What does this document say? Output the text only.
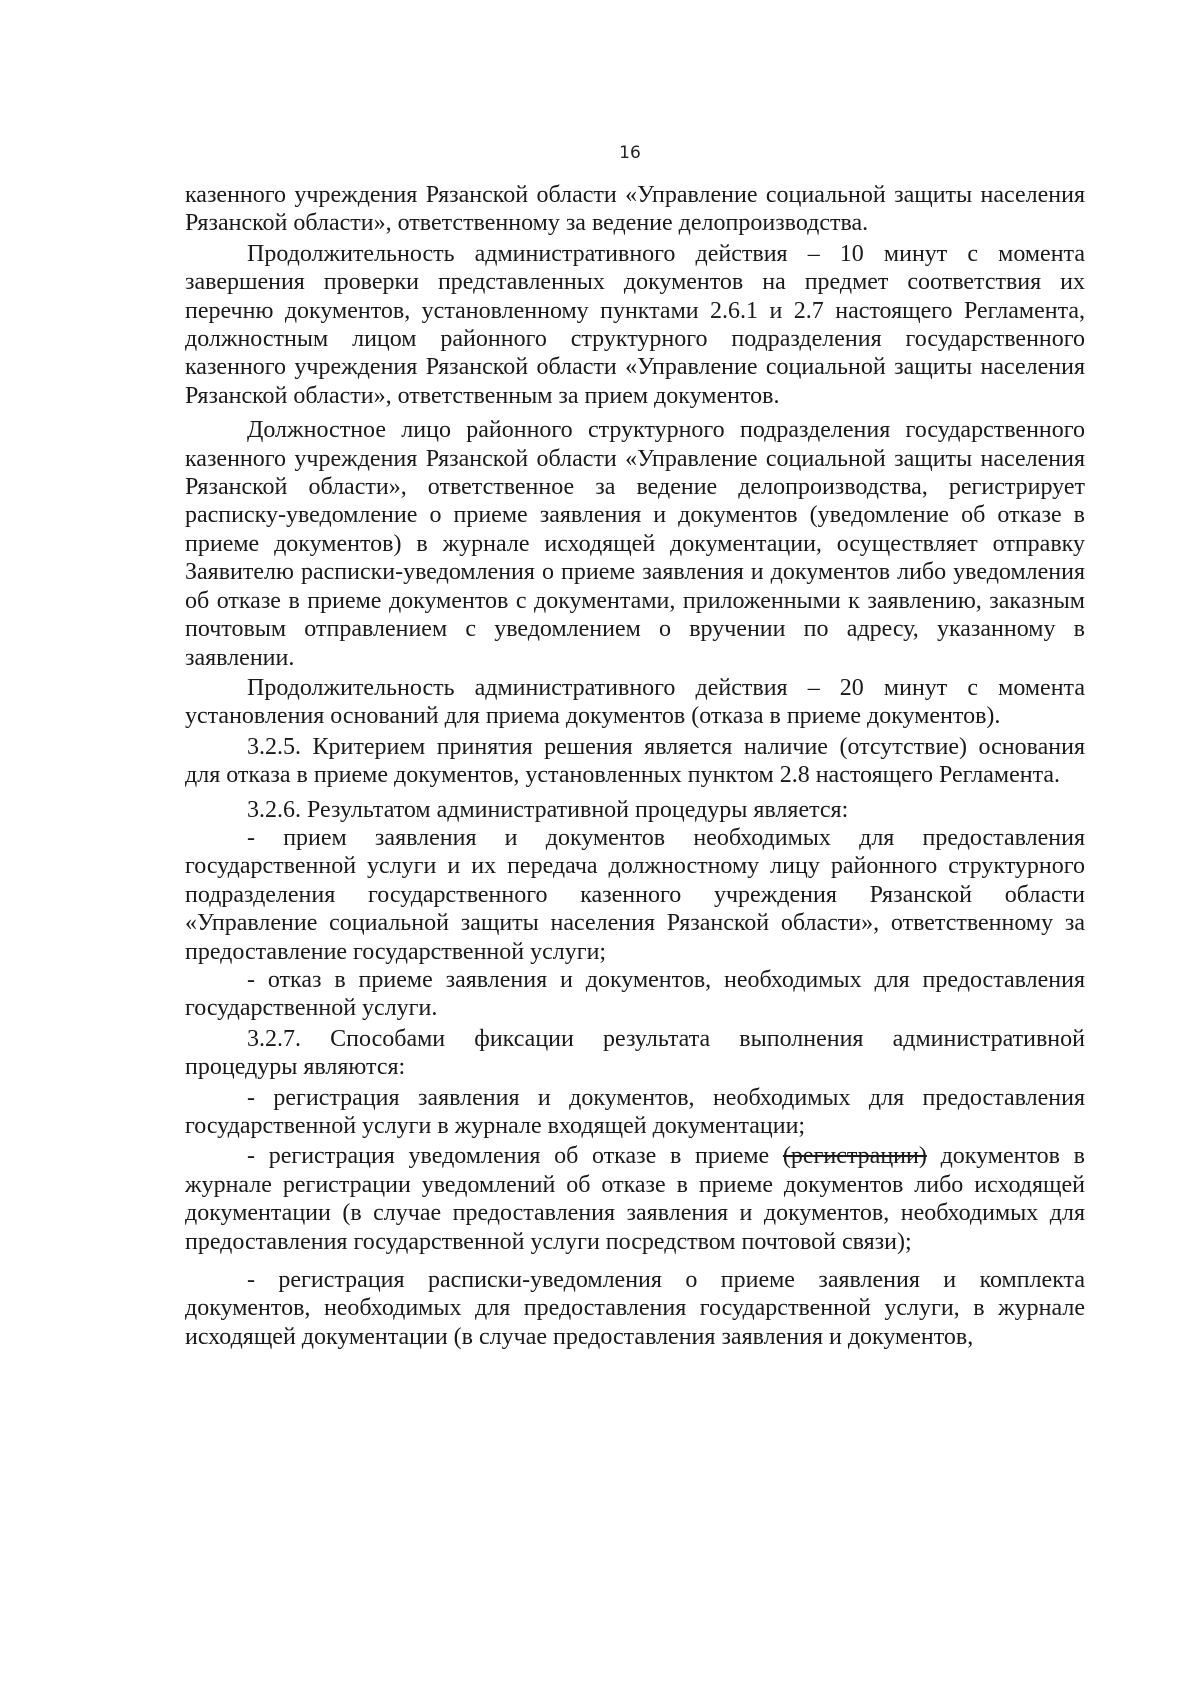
16

казенного учреждения Рязанской области «Управление социальной защиты населения Рязанской области», ответственному за ведение делопроизводства.

Продолжительность административного действия – 10 минут с момента завершения проверки представленных документов на предмет соответствия их перечню документов, установленному пунктами 2.6.1 и 2.7 настоящего Регламента, должностным лицом районного структурного подразделения государственного казенного учреждения Рязанской области «Управление социальной защиты населения Рязанской области», ответственным за прием документов.

Должностное лицо районного структурного подразделения государственного казенного учреждения Рязанской области «Управление социальной защиты населения Рязанской области», ответственное за ведение делопроизводства, регистрирует расписку-уведомление о приеме заявления и документов (уведомление об отказе в приеме документов) в журнале исходящей документации, осуществляет отправку Заявителю расписки-уведомления о приеме заявления и документов либо уведомления об отказе в приеме документов с документами, приложенными к заявлению, заказным почтовым отправлением с уведомлением о вручении по адресу, указанному в заявлении.

Продолжительность административного действия – 20 минут с момента установления оснований для приема документов (отказа в приеме документов).

3.2.5. Критерием принятия решения является наличие (отсутствие) основания для отказа в приеме документов, установленных пунктом 2.8 настоящего Регламента.

3.2.6. Результатом административной процедуры является:

- прием заявления и документов необходимых для предоставления государственной услуги и их передача должностному лицу районного структурного подразделения государственного казенного учреждения Рязанской области «Управление социальной защиты населения Рязанской области», ответственному за предоставление государственной услуги;

- отказ в приеме заявления и документов, необходимых для предоставления государственной услуги.

3.2.7. Способами фиксации результата выполнения административной процедуры являются:

- регистрация заявления и документов, необходимых для предоставления государственной услуги в журнале входящей документации;

- регистрация уведомления об отказе в приеме (регистрации) документов в журнале регистрации уведомлений об отказе в приеме документов либо исходящей документации (в случае предоставления заявления и документов, необходимых для предоставления государственной услуги посредством почтовой связи);

- регистрация расписки-уведомления о приеме заявления и комплекта документов, необходимых для предоставления государственной услуги, в журнале исходящей документации (в случае предоставления заявления и документов,
